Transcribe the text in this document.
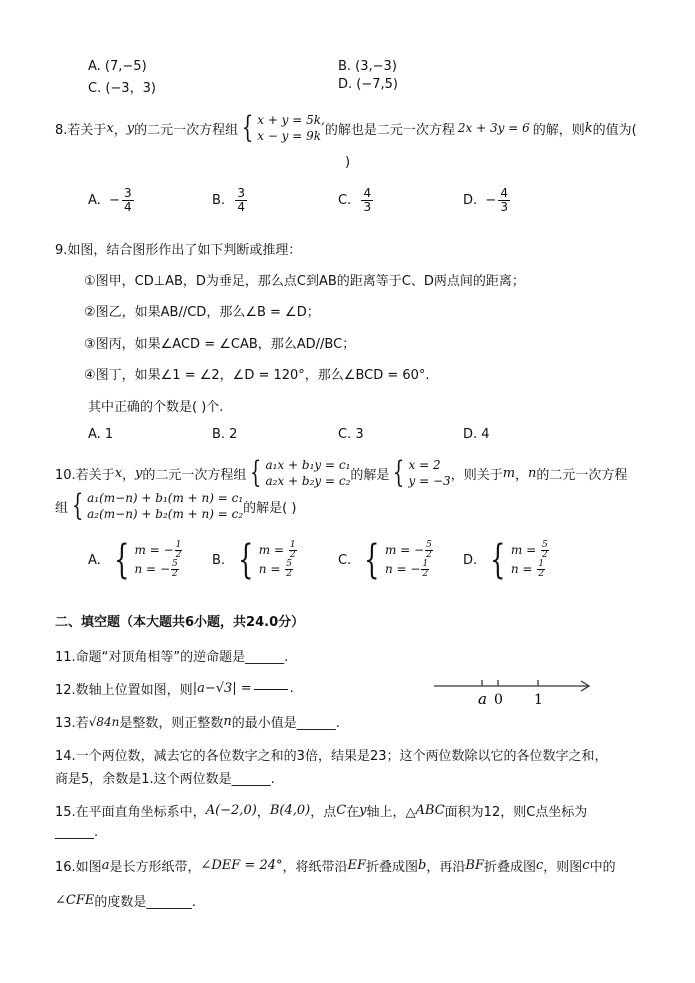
A. (7,−5)	B. (3,−3)
C. (−3，3)	D. (−7,5)
8.若关于 x ， y 的二元一次方程组 { x + y = 5k,
x − y = 9k 的解也是二元一次方程 2x + 3y = 6 的解，则 k 的值为(
)
A.
− $\frac{3}{4}$	B.
$\frac{3}{4}$	C.
$\frac{4}{3}$	D.
− $\frac{4}{3}$
9.如图，结合图形作出了如下判断或推理：
①图甲，CD⊥AB，D为垂足，那么点C到AB的距离等于C、D两点间的距离；
②图乙，如果AB//CD，那么∠B = ∠D；
③图丙，如果∠ACD = ∠CAB，那么AD//BC；
④图丁，如果∠1 = ∠2，∠D = 120°，那么∠BCD = 60°.
其中正确的个数是( )个.
A. 1	B. 2	C. 3	D. 4
10.若关于 x ， y 的二元一次方程组 { a₁x + b₁y = c₁
a₂x + b₂y = c₂ 的解是 { x = 2
y = −3 ，则关于 m ， n 的二元一次方程
组 { a₁(m−n) + b₁(m + n) = c₁
a₂(m−n) + b₂(m + n) = c₂ 的解是( )
A.
{ m = − $\frac{1}{2}$
n = − $\frac{5}{2}$	B.
{ $m = \frac{1}{2}$
$n = \frac{5}{2}$	C.
{ m = − $\frac{5}{2}$
n = − $\frac{1}{2}$	D.
{ $m = \frac{5}{2}$
$n = \frac{1}{2}$
二、填空题（本大题共6小题，共24.0分）
11.命题“对顶角相等”的逆命题是______.
12.数轴上位置如图，则 |a−√3| =	.
a 0 1
13.若 √84n 是整数，则正整数 n 的最小值是______.
14.一个两位数，减去它的各位数字之和的3倍，结果是23；这个两位数除以它的各位数字之和，
商是5，余数是1.这个两位数是______.
15.在平面直角坐标系中， A(−2,0) ， B(4,0) ，点 C 在 y 轴上，△ ABC 面积为12，则C点坐标为
______.
16.如图 a 是长方形纸带， ∠DEF = 24° ，将纸带沿 EF 折叠成图 b ，再沿 BF 折叠成图 c ，则图 c 中的
∠CFE 的度数是_______.
